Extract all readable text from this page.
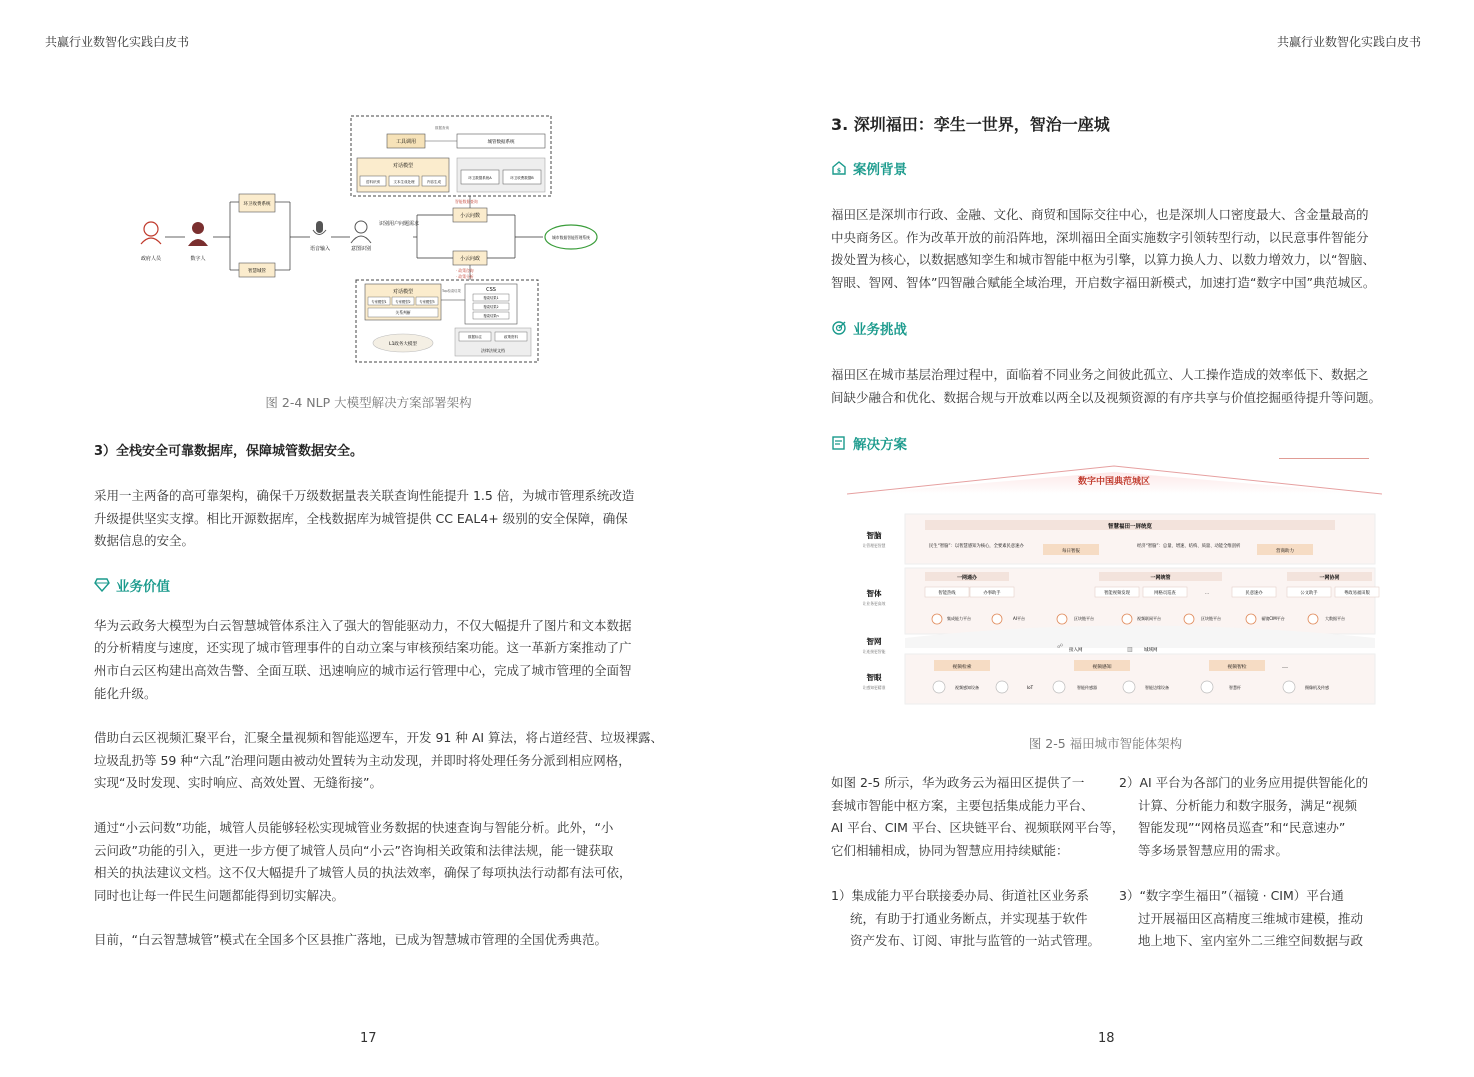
共赢行业数智化实践白皮书
工具调用
数据查询
对话模型
语料识别	文本生成处理	内容生成
城管数据系统
环卫数据系统A	环卫收费数据B
政府人员	数字人
环卫收费系统
智慧城管
语音输入	意图识别
识别用户问题需求
小云问数
小云问政
智能数据查询
· 政策咨询
· 政策分析
城市数据智能管理系统
对话模型
专家模型1	专家模型2	专家模型3
关系判断
L1政务大模型
Top检索结果	CSS
搜索结果1
搜索结果2
搜索结果n
数据标注	政策资料
法律法规文档
图 2-4 NLP 大模型解决方案部署架构
3）全栈安全可靠数据库，保障城管数据安全。
采用一主两备的高可靠架构，确保千万级数据量表关联查询性能提升 1.5 倍，为城市管理系统改造
升级提供坚实支撑。相比开源数据库，全栈数据库为城管提供 CC EAL4+ 级别的安全保障，确保
数据信息的安全。
业务价值
华为云政务大模型为白云智慧城管体系注入了强大的智能驱动力，不仅大幅提升了图片和文本数据
的分析精度与速度，还实现了城市管理事件的自动立案与审核预结案功能。这一革新方案推动了广
州市白云区构建出高效告警、全面互联、迅速响应的城市运行管理中心，完成了城市管理的全面智
能化升级。
借助白云区视频汇聚平台，汇聚全量视频和智能巡逻车，开发 91 种 AI 算法，将占道经营、垃圾裸露、
垃圾乱扔等 59 种“六乱”治理问题由被动处置转为主动发现，并即时将处理任务分派到相应网格，
实现“及时发现、实时响应、高效处置、无缝衔接”。
通过“小云问数”功能，城管人员能够轻松实现城管业务数据的快速查询与智能分析。此外，“小
云问政”功能的引入，更进一步方便了城管人员向“小云”咨询相关政策和法律法规，能一键获取
相关的执法建议文档。这不仅大幅提升了城管人员的执法效率，确保了每项执法行动都有法可依，
同时也让每一件民生问题都能得到切实解决。
目前，“白云智慧城管”模式在全国多个区县推广落地，已成为智慧城市管理的全国优秀典范。
17
共赢行业数智化实践白皮书
3. 深圳福田：孪生一世界，智治一座城
$ 案例背景
福田区是深圳市行政、金融、文化、商贸和国际交往中心，也是深圳人口密度最大、含金量最高的
中央商务区。作为改革开放的前沿阵地，深圳福田全面实施数字引领转型行动，以民意事件智能分
拨处置为核心，以数据感知孪生和城市智能中枢为引擎，以算力换人力、以数力增效力，以“智脑、
智眼、智网、智体”四智融合赋能全域治理，开启数字福田新模式，加速打造“数字中国”典范城区。
业务挑战
福田区在城市基层治理过程中，面临着不同业务之间彼此孤立、人工操作造成的效率低下、数据之
间缺少融合和优化、数据合规与开放难以两全以及视频资源的有序共享与价值挖掘亟待提升等问题。
解决方案
数字中国典范城区
智脑
让管理更智慧
智体
让业务更高效
智网
让连接更智能
智眼
让感知更精准
智慧福田一屏统览
民生“智脑”：以智慧感知为核心，全要素民意速办	经济“智脑”：总量、增速、结构、质量、动能全维剖析
每日智报	营商助力
一网通办	一网统管	一网协同
智能热线	办事助手	智能视频发现	网格员巡查	…	民意速办	公文助手	粤政易福田版
集成能力平台	AI平台	区块链平台	视频联网平台	区块链平台	福镜CIM平台	大数据平台
☍
接入网	▥	城域网
视频检索	视频感知	视频智检	…
视频感知设备	IoT	智能传感器	智能边缘设备	智慧杆	摄像机及传感
图 2-5 福田城市智能体架构
如图 2-5 所示，华为政务云为福田区提供了一
套城市智能中枢方案，主要包括集成能力平台、
AI 平台、CIM 平台、区块链平台、视频联网平台等，
它们相辅相成，协同为智慧应用持续赋能：
1）集成能力平台联接委办局、街道社区业务系
统，有助于打通业务断点，并实现基于软件
资产发布、订阅、审批与监管的一站式管理。
2）AI 平台为各部门的业务应用提供智能化的
计算、分析能力和数字服务，满足“视频
智能发现”“网格员巡查”和“民意速办”
等多场景智慧应用的需求。
3）“数字孪生福田”（福镜 · CIM）平台通
过开展福田区高精度三维城市建模，推动
地上地下、室内室外二三维空间数据与政
18
